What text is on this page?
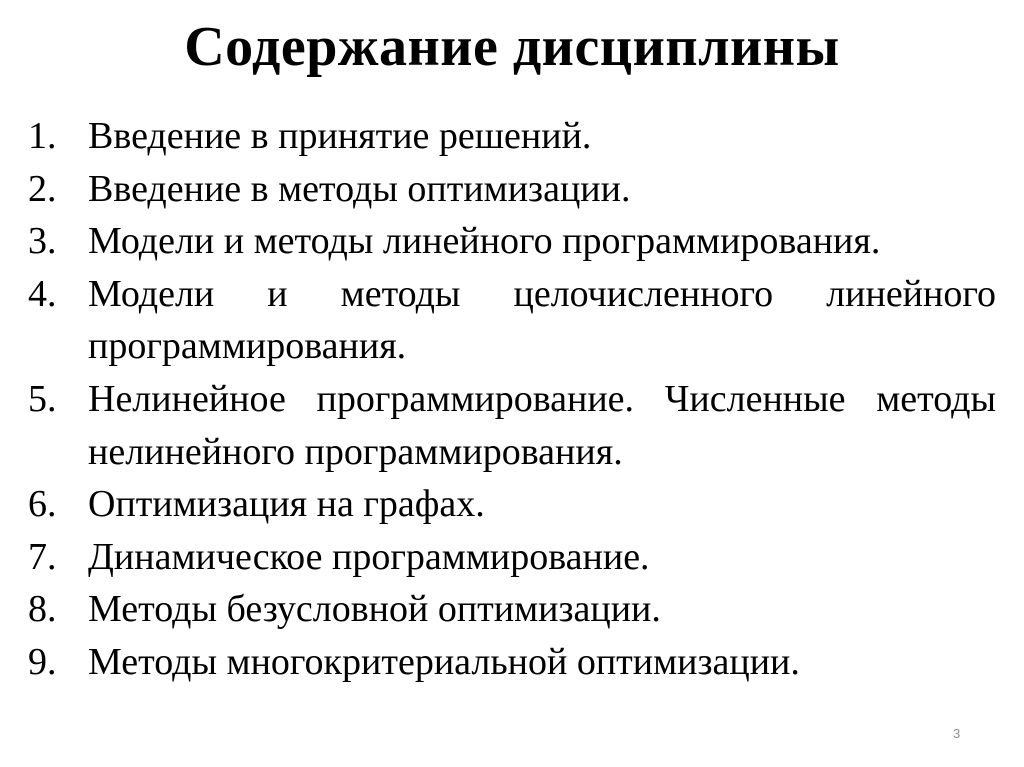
Содержание дисциплины
1. Введение в принятие решений.
2. Введение в методы оптимизации.
3. Модели и методы линейного программирования.
4. Модели и методы целочисленного линейного программирования.
5. Нелинейное программирование. Численные методы нелинейного программирования.
6. Оптимизация на графах.
7. Динамическое программирование.
8. Методы безусловной оптимизации.
9. Методы многокритериальной оптимизации.
3
